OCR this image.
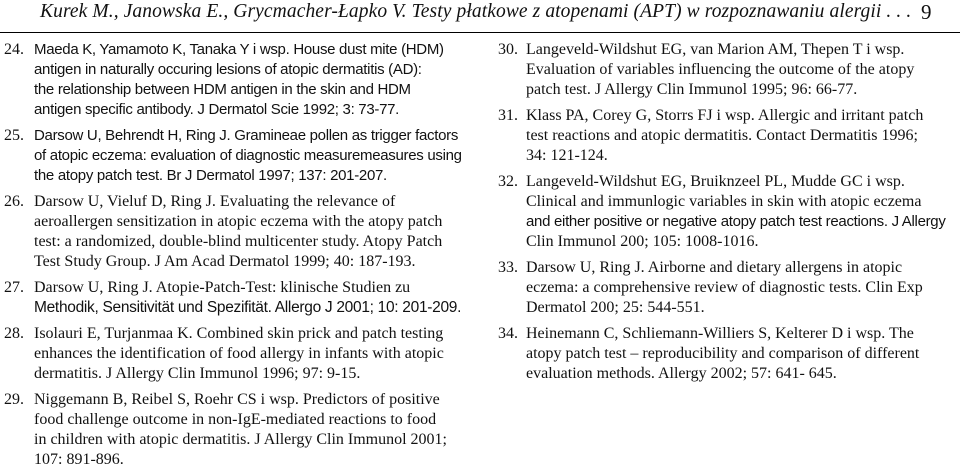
Kurek M., Janowska E., Grycmacher-Łapko V. Testy płatkowe z atopenami (APT) w rozpoznawaniu alergii . . . 9
24. Maeda K, Yamamoto K, Tanaka Y i wsp. House dust mite (HDM)
antigen in naturally occuring lesions of atopic dermatitis (AD):
the relationship between HDM antigen in the skin and HDM
antigen specific antibody. J Dermatol Scie 1992; 3: 73-77.
25. Darsow U, Behrendt H, Ring J. Gramineae pollen as trigger factors
of atopic eczema: evaluation of diagnostic measuremeasures using
the atopy patch test. Br J Dermatol 1997; 137: 201-207.
26. Darsow U, Vieluf D, Ring J. Evaluating the relevance of
aeroallergen sensitization in atopic eczema with the atopy patch
test: a randomized, double-blind multicenter study. Atopy Patch
Test Study Group. J Am Acad Dermatol 1999; 40: 187-193.
27. Darsow U, Ring J. Atopie-Patch-Test: klinische Studien zu
Methodik, Sensitivität und Spezifität. Allergo J 2001; 10: 201-209.
28. Isolauri E, Turjanmaa K. Combined skin prick and patch testing
enhances the identification of food allergy in infants with atopic
dermatitis. J Allergy Clin Immunol 1996; 97: 9-15.
29. Niggemann B, Reibel S, Roehr CS i wsp. Predictors of positive
food challenge outcome in non-IgE-mediated reactions to food
in children with atopic dermatitis. J Allergy Clin Immunol 2001;
107: 891-896.
30. Langeveld-Wildshut EG, van Marion AM, Thepen T i wsp.
Evaluation of variables influencing the outcome of the atopy
patch test. J Allergy Clin Immunol 1995; 96: 66-77.
31. Klass PA, Corey G, Storrs FJ i wsp. Allergic and irritant patch
test reactions and atopic dermatitis. Contact Dermatitis 1996;
34: 121-124.
32. Langeveld-Wildshut EG, Bruiknzeel PL, Mudde GC i wsp.
Clinical and immunlogic variables in skin with atopic eczema
and either positive or negative atopy patch test reactions. J Allergy
Clin Immunol 200; 105: 1008-1016.
33. Darsow U, Ring J. Airborne and dietary allergens in atopic
eczema: a comprehensive review of diagnostic tests. Clin Exp
Dermatol 200; 25: 544-551.
34. Heinemann C, Schliemann-Williers S, Kelterer D i wsp. The
atopy patch test – reproducibility and comparison of different
evaluation methods. Allergy 2002; 57: 641- 645.
